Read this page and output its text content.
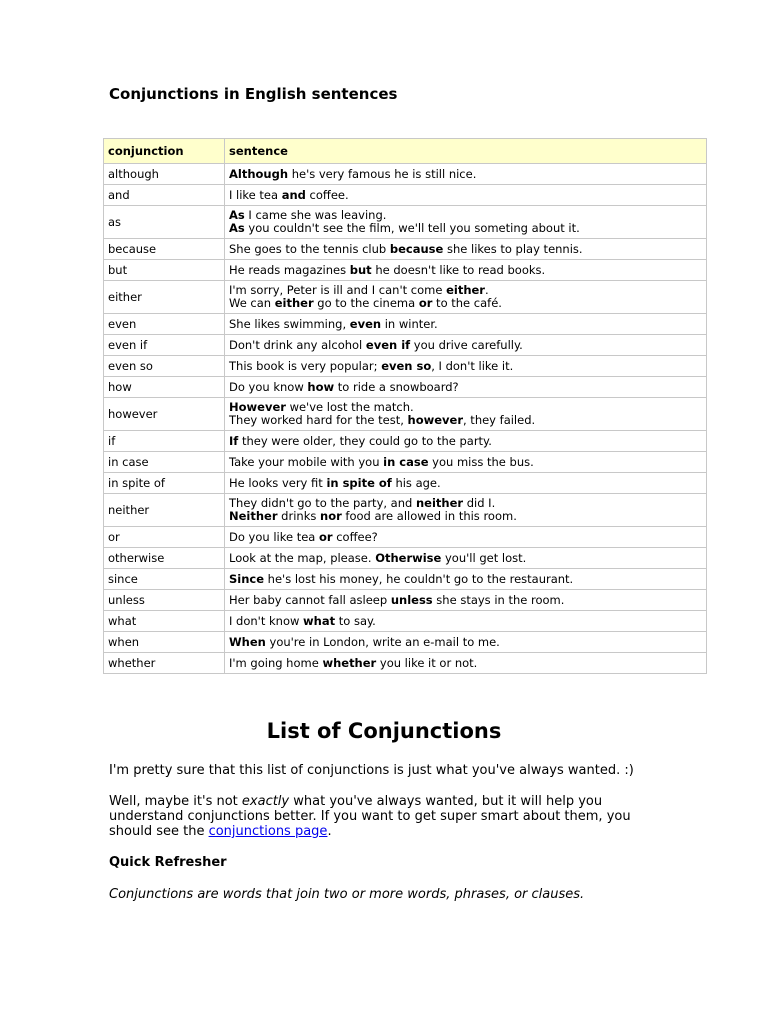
Conjunctions in English sentences
conjunction	sentence
although	Although he's very famous he is still nice.

and	I like tea and coffee.

as	As I came she was leaving.
As you couldn't see the film, we'll tell you someting about it.

because	She goes to the tennis club because she likes to play tennis.

but	He reads magazines but he doesn't like to read books.

either	I'm sorry, Peter is ill and I can't come either.
We can either go to the cinema or to the café.

even	She likes swimming, even in winter.

even if	Don't drink any alcohol even if you drive carefully.

even so	This book is very popular; even so, I don't like it.

how	Do you know how to ride a snowboard?

however	However we've lost the match.
They worked hard for the test, however, they failed.

if	If they were older, they could go to the party.

in case	Take your mobile with you in case you miss the bus.

in spite of	He looks very fit in spite of his age.

neither	They didn't go to the party, and neither did I.
Neither drinks nor food are allowed in this room.

or	Do you like tea or coffee?

otherwise	Look at the map, please. Otherwise you'll get lost.

since	Since he's lost his money, he couldn't go to the restaurant.

unless	Her baby cannot fall asleep unless she stays in the room.

what	I don't know what to say.

when	When you're in London, write an e-mail to me.

whether	I'm going home whether you like it or not.
List of Conjunctions

I'm pretty sure that this list of conjunctions is just what you've always wanted. :)

Well, maybe it's not exactly what you've always wanted, but it will help you understand conjunctions better. If you want to get super smart about them, you should see the conjunctions page.

Quick Refresher

Conjunctions are words that join two or more words, phrases, or clauses.
